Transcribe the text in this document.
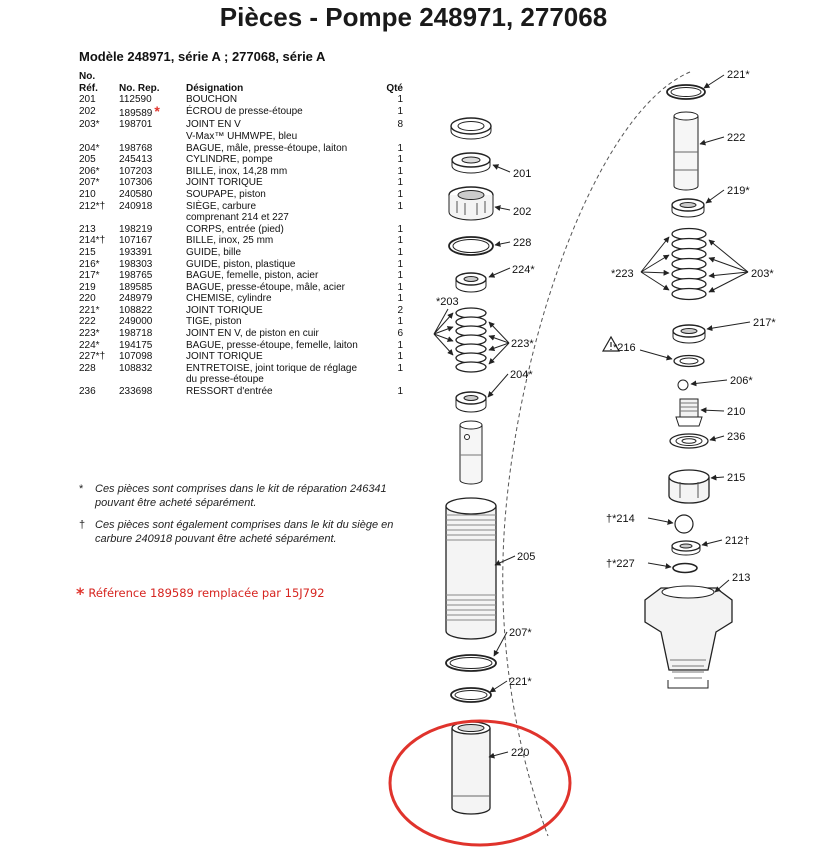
Pièces - Pompe 248971, 277068
Modèle 248971, série A ; 277068, série A
No.
Réf.	No. Rep.	Désignation	Qté
201	112590	BOUCHON	1
202	189589 *	ÉCROU de presse-étoupe	1
203*	198701	JOINT EN V	8
		V-Max™ UHMWPE, bleu	
204*	198768	BAGUE, mâle, presse-étoupe, laiton	1
205	245413	CYLINDRE, pompe	1
206*	107203	BILLE, inox, 14,28 mm	1
207*	107306	JOINT TORIQUE	1
210	240580	SOUPAPE, piston	1
212*†	240918	SIÈGE, carbure	1
		comprenant 214 et 227	
213	198219	CORPS, entrée (pied)	1
214*†	107167	BILLE, inox, 25 mm	1
215	193391	GUIDE, bille	1
216*	198303	GUIDE, piston, plastique	1
217*	198765	BAGUE, femelle, piston, acier	1
219	189585	BAGUE, presse-étoupe, mâle, acier	1
220	248979	CHEMISE, cylindre	1
221*	108822	JOINT TORIQUE	2
222	249000	TIGE, piston	1
223*	198718	JOINT EN V, de piston en cuir	6
224*	194175	BAGUE, presse-étoupe, femelle, laiton	1
227*†	107098	JOINT TORIQUE	1
228	108832	ENTRETOISE, joint torique de réglage	1
		du presse-étoupe	
236	233698	RESSORT d'entrée	1
* Ces pièces sont comprises dans le kit de réparation 246341 pouvant être acheté séparément.
† Ces pièces sont également comprises dans le kit du siège en carbure 240918 pouvant être acheté séparément.
* Référence 189589 remplacée par 15J792
201
202
228
224*
*203
223*
204*
205
207*
221*
220
221*
222
219*
*223	203*
217*
*216
206*
210
236
215
†*214
212†
†*227
213
